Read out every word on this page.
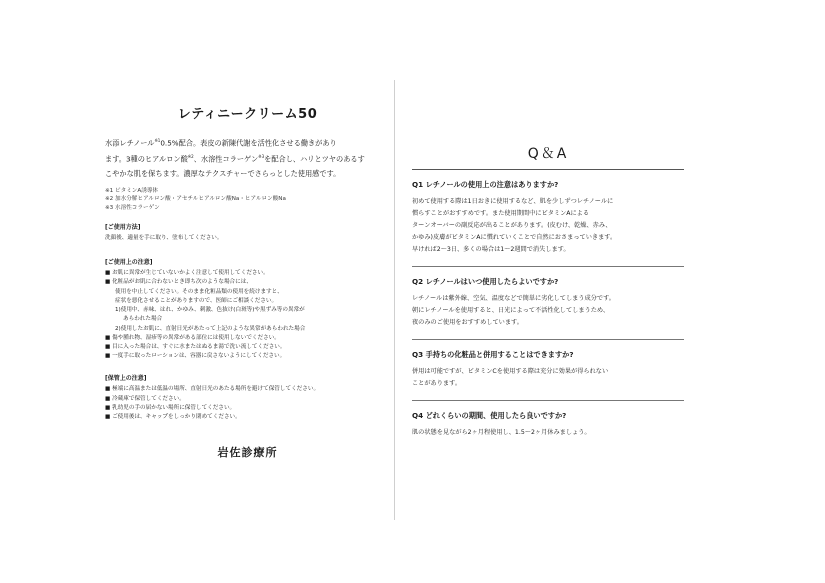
レティニークリーム50
水添レチノール$^{※1}$0.5%配合。表皮の新陳代謝を活性化させる働きがあり
ます。3種のヒアルロン酸$^{※2}$、水溶性コラーゲン$^{※3}$を配合し、ハリとツヤのあるす
こやかな肌を保ちます。濃厚なテクスチャーでさらっとした使用感です。
※1 ビタミンA誘導体
※2 加水分解ヒアルロン酸・アセチルヒアルロン酸Na・ヒアルロン酸Na
※3 水溶性コラーゲン
[ご使用方法]
洗顔後、適量を手に取り、塗布してください。
[ご使用上の注意]
■ お肌に異常が生じていないかよく注意して使用してください。
■ 化粧品がお肌に合わないとき即ち次のような場合には、
使用を中止してください。そのまま化粧品類の使用を続けますと、
症状を悪化させることがありますので、医師にご相談ください。
1)使用中、赤味、はれ、かゆみ、刺激、色抜け(白斑等)や黒ずみ等の異常が
あらわれた場合
2)使用したお肌に、直射日光があたって上記のような異常があらわれた場合
■ 傷や腫れ物、湿疹等の異常がある部位には使用しないでください。
■ 目に入った場合は、すぐに水またはぬるま湯で洗い流してください。
■ 一度手に取ったローションは、容器に戻さないようにしてください。
[保管上の注意]
■ 極端に高温または低温の場所、直射日光のあたる場所を避けて保管してください。
■ 冷蔵庫で保管してください。
■ 乳幼児の手の届かない場所に保管してください。
■ ご使用後は、キャップをしっかり閉めてください。
岩佐診療所
Q＆A
Q1 レチノールの使用上の注意はありますか?
初めて使用する際は1日おきに使用するなど、肌を少しずつレチノールに
慣らすことがおすすめです。また使用期間中にビタミンAによる
ターンオーバーの副反応が出ることがあります。(皮むけ、乾燥、赤み、
かゆみ)皮膚がビタミンAに慣れていくことで自然におさまっていきます。
早ければ2〜3日、多くの場合は1〜2週間で消失します。
Q2 レチノールはいつ使用したらよいですか?
レチノールは紫外線、空気、温度などで簡単に劣化してしまう成分です。
朝にレチノールを使用すると、日光によって不活性化してしまうため、
夜のみのご使用をおすすめしています。
Q3 手持ちの化粧品と併用することはできますか?
併用は可能ですが、ビタミンCを使用する際は充分に効果が得られない
ことがあります。
Q4 どれくらいの期間、使用したら良いですか?
肌の状態を見ながら2ヶ月程使用し、1.5〜2ヶ月休みましょう。
